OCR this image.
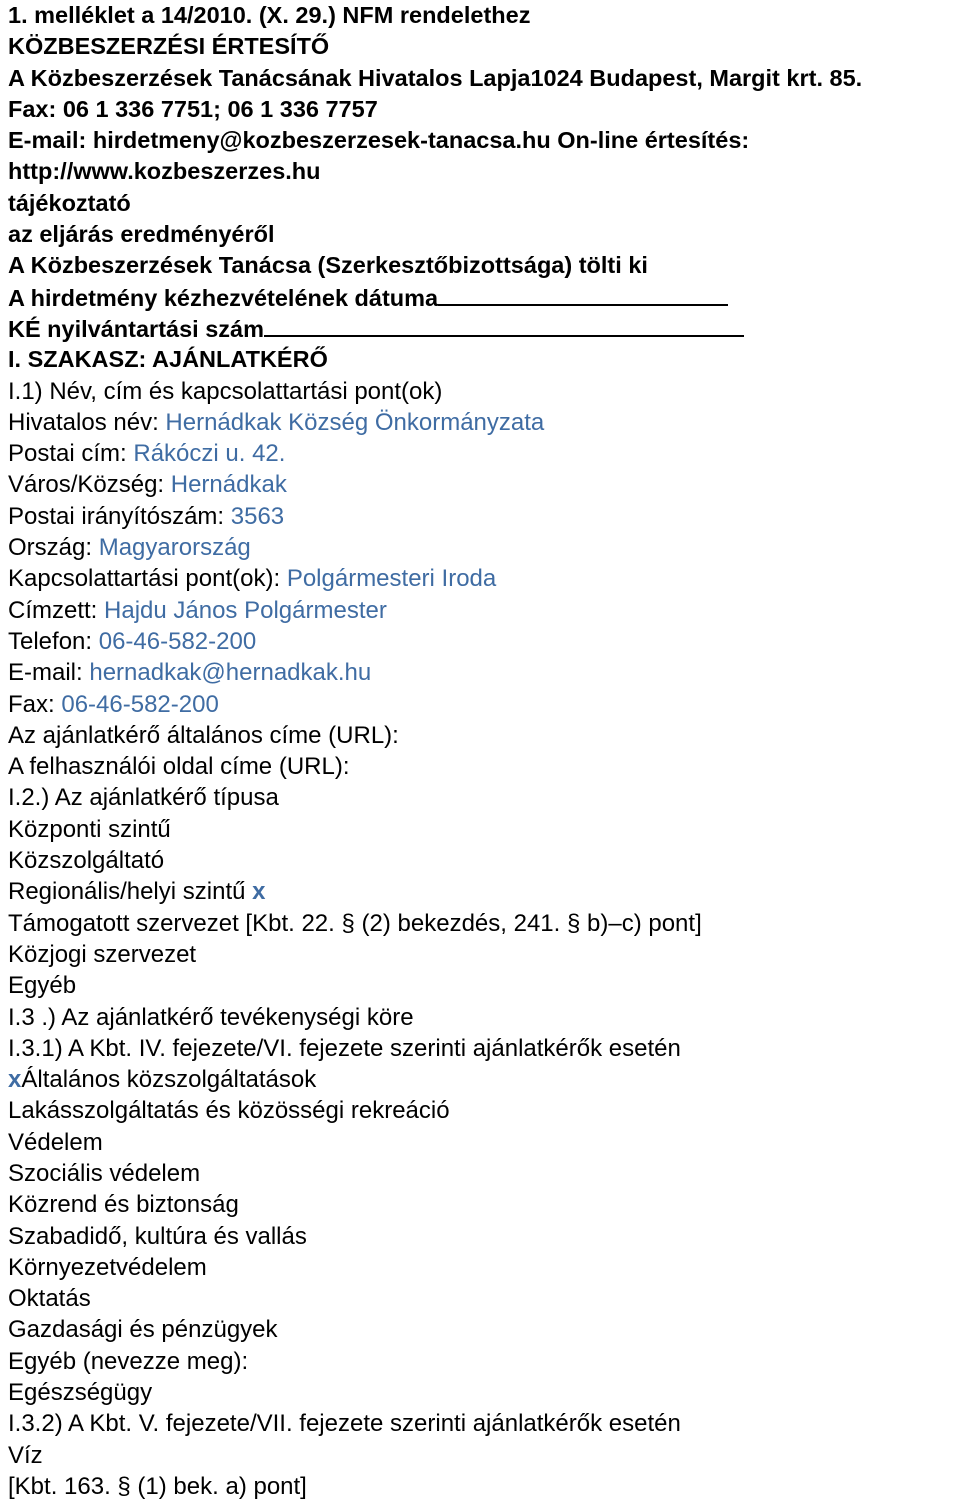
1. melléklet a 14/2010. (X. 29.) NFM rendelethez
KÖZBESZERZÉSI ÉRTESÍTŐ
A Közbeszerzések Tanácsának Hivatalos Lapja1024 Budapest, Margit krt. 85.
Fax: 06 1 336 7751; 06 1 336 7757
E-mail: hirdetmeny@kozbeszerzesek-tanacsa.hu On-line értesítés:
http://www.kozbeszerzes.hu
tájékoztató
az eljárás eredményéről
A Közbeszerzések Tanácsa (Szerkesztőbizottsága) tölti ki
A hirdetmény kézhezvételének dátuma
KÉ nyilvántartási szám
I. SZAKASZ: AJÁNLATKÉRŐ
I.1) Név, cím és kapcsolattartási pont(ok)
Hivatalos név: Hernádkak Község Önkormányzata
Postai cím: Rákóczi u. 42.
Város/Község: Hernádkak
Postai irányítószám: 3563
Ország: Magyarország
Kapcsolattartási pont(ok): Polgármesteri Iroda
Címzett: Hajdu János Polgármester
Telefon: 06-46-582-200
E-mail: hernadkak@hernadkak.hu
Fax: 06-46-582-200
Az ajánlatkérő általános címe (URL):
A felhasználói oldal címe (URL):
I.2.) Az ajánlatkérő típusa
Központi szintű
Közszolgáltató
Regionális/helyi szintű x
Támogatott szervezet [Kbt. 22. § (2) bekezdés, 241. § b)–c) pont]
Közjogi szervezet
Egyéb
I.3 .) Az ajánlatkérő tevékenységi köre
I.3.1) A Kbt. IV. fejezete/VI. fejezete szerinti ajánlatkérők esetén
xÁltalános közszolgáltatások
Lakásszolgáltatás és közösségi rekreáció
Védelem
Szociális védelem
Közrend és biztonság
Szabadidő, kultúra és vallás
Környezetvédelem
Oktatás
Gazdasági és pénzügyek
Egyéb (nevezze meg):
Egészségügy
I.3.2) A Kbt. V. fejezete/VII. fejezete szerinti ajánlatkérők esetén
Víz
[Kbt. 163. § (1) bek. a) pont]
